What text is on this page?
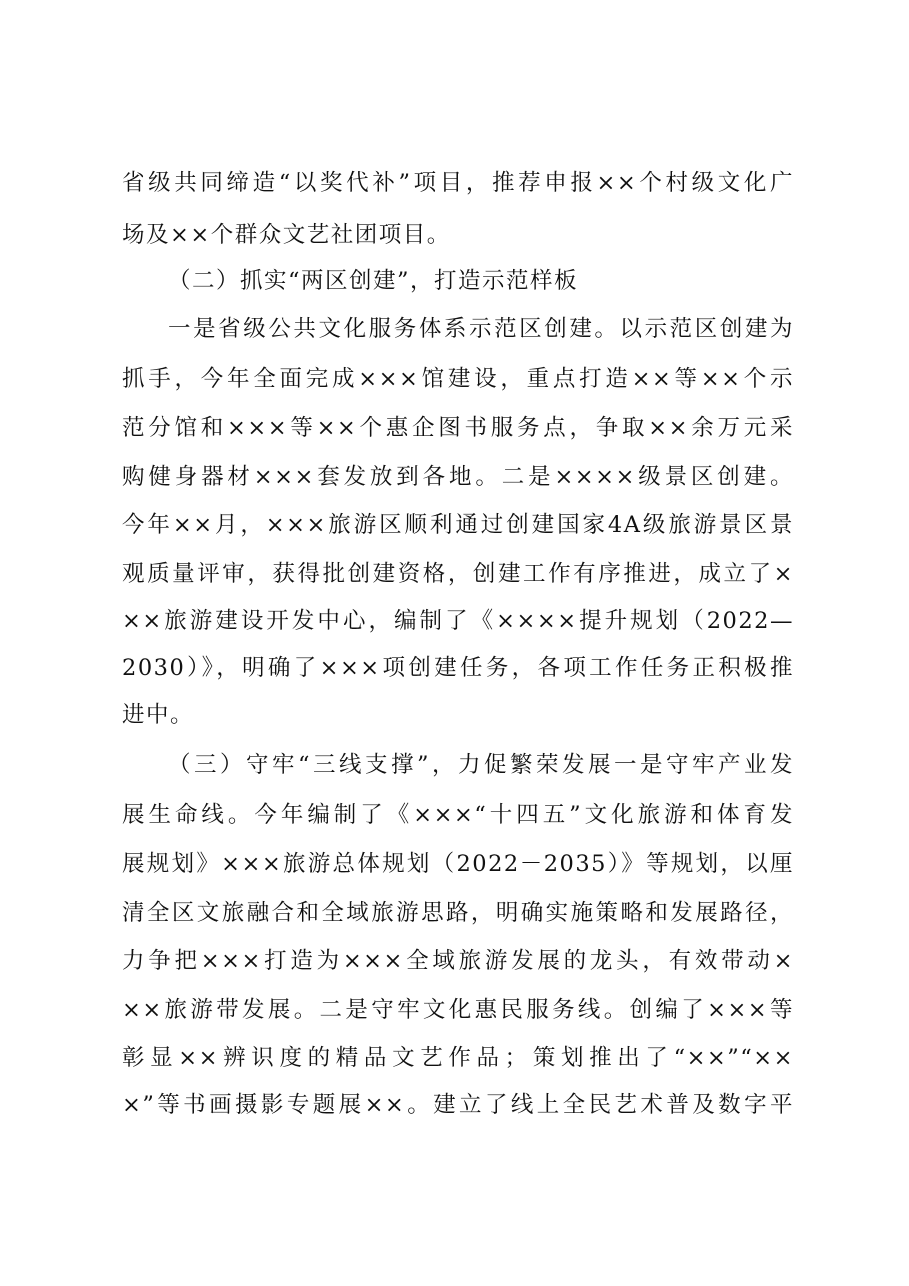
省级共同缔造“以奖代补”项目，推荐申报××个村级文化广
场及××个群众文艺社团项目。
（二）抓实“两区创建”，打造示范样板
一是省级公共文化服务体系示范区创建。以示范区创建为
抓手，今年全面完成×××馆建设，重点打造××等××个示
范分馆和×××等××个惠企图书服务点，争取××余万元采
购健身器材×××套发放到各地。二是××××级景区创建。
今年××月，×××旅游区顺利通过创建国家4A级旅游景区景
观质量评审，获得批创建资格，创建工作有序推进，成立了×
××旅游建设开发中心，编制了《××××提升规划（2022—
2030）》，明确了×××项创建任务，各项工作任务正积极推
进中。
（三）守牢“三线支撑”，力促繁荣发展一是守牢产业发
展生命线。今年编制了《×××“十四五”文化旅游和体育发
展规划》×××旅游总体规划（2022－2035）》等规划，以厘
清全区文旅融合和全域旅游思路，明确实施策略和发展路径，
力争把×××打造为×××全域旅游发展的龙头，有效带动×
××旅游带发展。二是守牢文化惠民服务线。创编了×××等
彰显××辨识度的精品文艺作品；策划推出了“××”“××
×”等书画摄影专题展××。建立了线上全民艺术普及数字平
